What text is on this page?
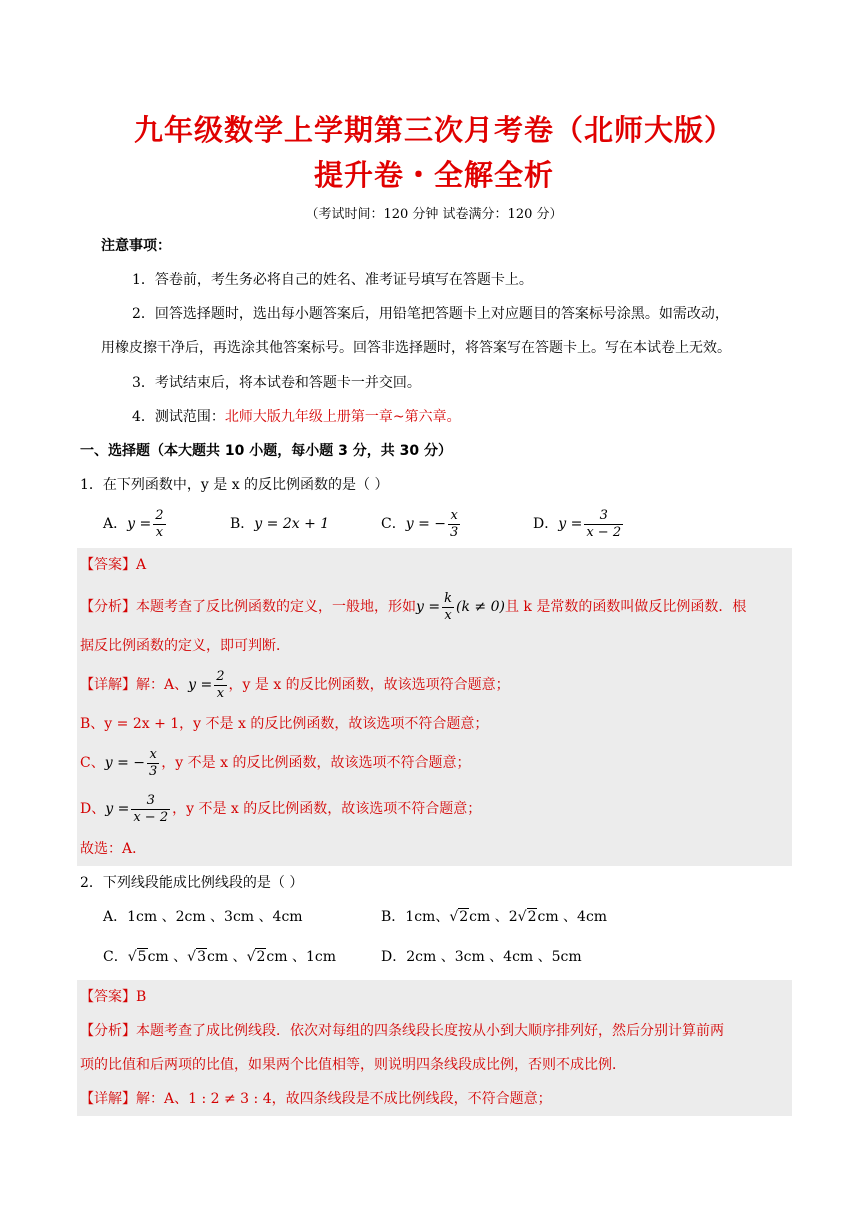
九年级数学上学期第三次月考卷（北师大版）
提升卷・全解全析
（考试时间：120 分钟 试卷满分：120 分）
注意事项：
1．答卷前，考生务必将自己的姓名、准考证号填写在答题卡上。
2．回答选择题时，选出每小题答案后，用铅笔把答题卡上对应题目的答案标号涂黑。如需改动，
用橡皮擦干净后，再选涂其他答案标号。回答非选择题时，将答案写在答题卡上。写在本试卷上无效。
3．考试结束后，将本试卷和答题卡一并交回。
4．测试范围：北师大版九年级上册第一章~第六章。
一、选择题（本大题共 10 小题，每小题 3 分，共 30 分）
1．在下列函数中，y 是 x 的反比例函数的是（ ）
A．$y = \frac{2}{x}$	B．y = 2x + 1	C．y = − $\frac{x}{3}$	D．$y = \frac{3}{x - 2}$
【答案】A
【分析】本题考查了反比例函数的定义，一般地，形如$y = \frac{k}{x} (k \ne 0)$且 k 是常数的函数叫做反比例函数．根
据反比例函数的定义，即可判断．
【详解】解：A、$y = \frac{2}{x}$ ，y 是 x 的反比例函数，故该选项符合题意；
B、y = 2x + 1，y 不是 x 的反比例函数，故该选项不符合题意；
C、y = − $\frac{x}{3}$ ，y 不是 x 的反比例函数，故该选项不符合题意；
D、$y = \frac{3}{x - 2}$ ，y 不是 x 的反比例函数，故该选项不符合题意；
故选：A．
2．下列线段能成比例线段的是（ ）
A．1cm 、2cm 、3cm 、4cm	B．1cm、√2cm 、2√2cm 、4cm
C．√5cm 、√3cm 、√2cm 、1cm	D．2cm 、3cm 、4cm 、5cm
【答案】B
【分析】本题考查了成比例线段．依次对每组的四条线段长度按从小到大顺序排列好，然后分别计算前两
项的比值和后两项的比值，如果两个比值相等，则说明四条线段成比例，否则不成比例．
【详解】解：A、1 : 2 ≠ 3 : 4，故四条线段是不成比例线段，不符合题意；
